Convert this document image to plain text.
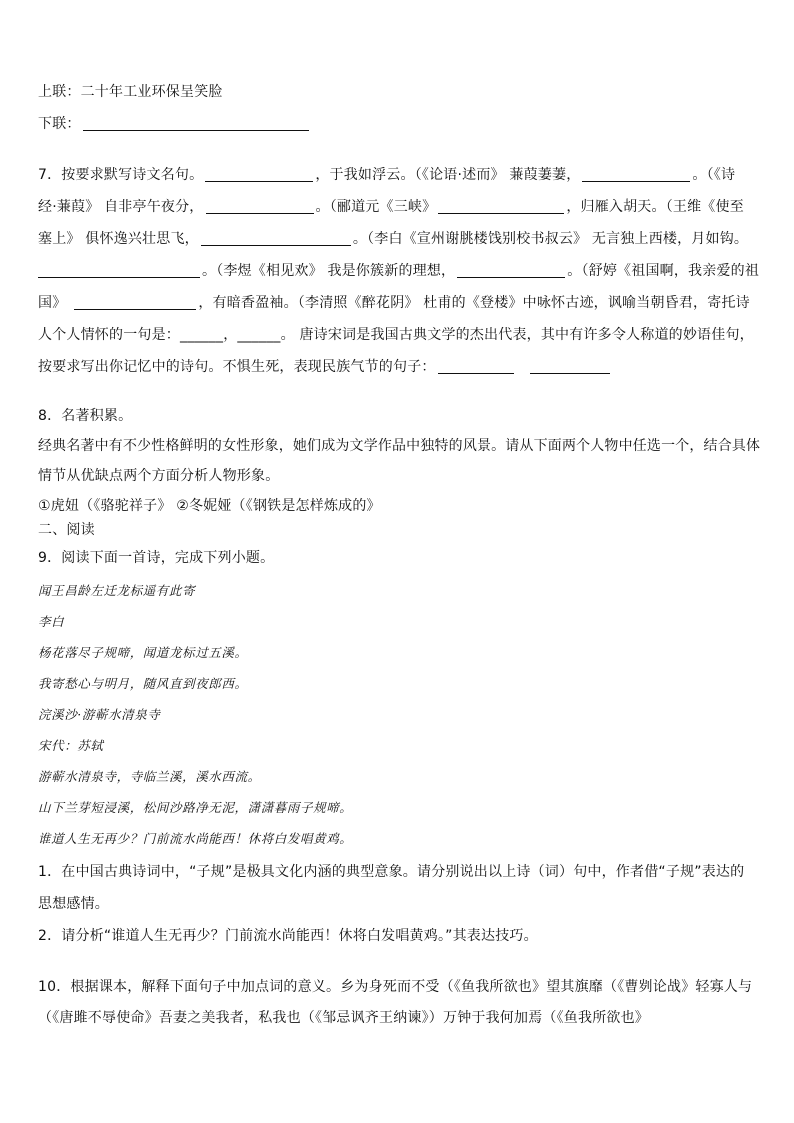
上联：二十年工业环保呈笑脸

下联：

7．按要求默写诗文名句。	，于我如浮云。（《论语·述而》 蒹葭萋萋，	。（《诗

经·蒹葭》 自非亭午夜分，	。（郦道元《三峡》	，归雁入胡天。（王维《使至

塞上》 俱怀逸兴壮思飞，	。（李白《宣州谢朓楼饯别校书叔云》 无言独上西楼，月如钩。

。（李煜《相见欢》 我是你簇新的理想，	。（舒婷《祖国啊，我亲爱的祖

国》	，有暗香盈袖。（李清照《醉花阴》 杜甫的《登楼》中咏怀古迹，讽喻当朝昏君，寄托诗

人个人情怀的一句是：______，______。 唐诗宋词是我国古典文学的杰出代表，其中有许多令人称道的妙语佳句，

按要求写出你记忆中的诗句。不惧生死，表现民族气节的句子：

8．名著积累。

经典名著中有不少性格鲜明的女性形象，她们成为文学作品中独特的风景。请从下面两个人物中任选一个，结合具体

情节从优缺点两个方面分析人物形象。

①虎妞（《骆驼祥子》 ②冬妮娅（《钢铁是怎样炼成的》

二、阅读

9．阅读下面一首诗，完成下列小题。

闻王昌龄左迁龙标遥有此寄

李白

杨花落尽子规啼，闻道龙标过五溪。

我寄愁心与明月，随风直到夜郎西。

浣溪沙·游蕲水清泉寺

宋代：苏轼

游蕲水清泉寺，寺临兰溪，溪水西流。

山下兰芽短浸溪，松间沙路净无泥，潇潇暮雨子规啼。

谁道人生无再少？门前流水尚能西！休将白发唱黄鸡。

1．在中国古典诗词中，“子规”是极具文化内涵的典型意象。请分别说出以上诗（词）句中，作者借“子规”表达的

思想感情。

2．请分析“谁道人生无再少？门前流水尚能西！休将白发唱黄鸡。”其表达技巧。

10．根据课本，解释下面句子中加点词的意义。乡为身死而不受（《鱼我所欲也》望其旗靡（《曹刿论战》轻寡人与

（《唐雎不辱使命》吾妻之美我者，私我也（《邹忌讽齐王纳谏》）万钟于我何加焉（《鱼我所欲也》
